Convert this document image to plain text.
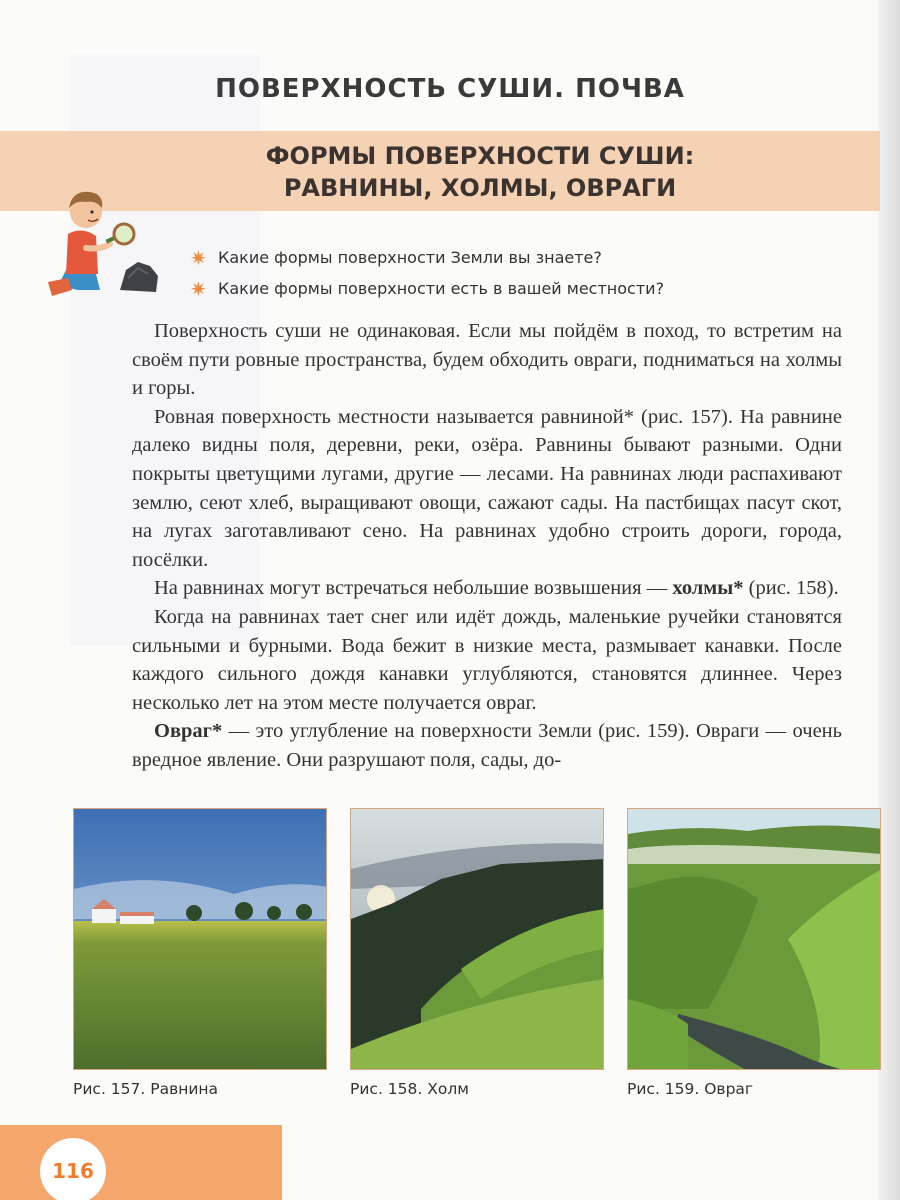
ПОВЕРХНОСТЬ СУШИ. ПОЧВА
ФОРМЫ ПОВЕРХНОСТИ СУШИ:
РАВНИНЫ, ХОЛМЫ, ОВРАГИ
✷ Какие формы поверхности Земли вы знаете?
✷ Какие формы поверхности есть в вашей местности?

Поверхность суши не одинаковая. Если мы пойдём в поход, то встретим на своём пути ровные пространства, будем обходить овраги, подниматься на холмы и горы.

Ровная поверхность местности называется равниной* (рис. 157). На равнине далеко видны поля, деревни, реки, озёра. Равнины бывают разными. Одни покрыты цветущими лугами, другие — лесами. На равнинах люди распахивают землю, сеют хлеб, выращивают овощи, сажают сады. На пастбищах пасут скот, на лугах заготавливают сено. На равнинах удобно строить дороги, города, посёлки.

На равнинах могут встречаться небольшие возвышения — холмы* (рис. 158).

Когда на равнинах тает снег или идёт дождь, маленькие ручейки становятся сильными и бурными. Вода бежит в низкие места, размывает канавки. После каждого сильного дождя канавки углубляются, становятся длиннее. Через несколько лет на этом месте получается овраг.

Овраг* — это углубление на поверхности Земли (рис. 159). Овраги — очень вредное явление. Они разрушают поля, сады, до-

Рис. 157. Равнина	Рис. 158. Холм	Рис. 159. Овраг
116
